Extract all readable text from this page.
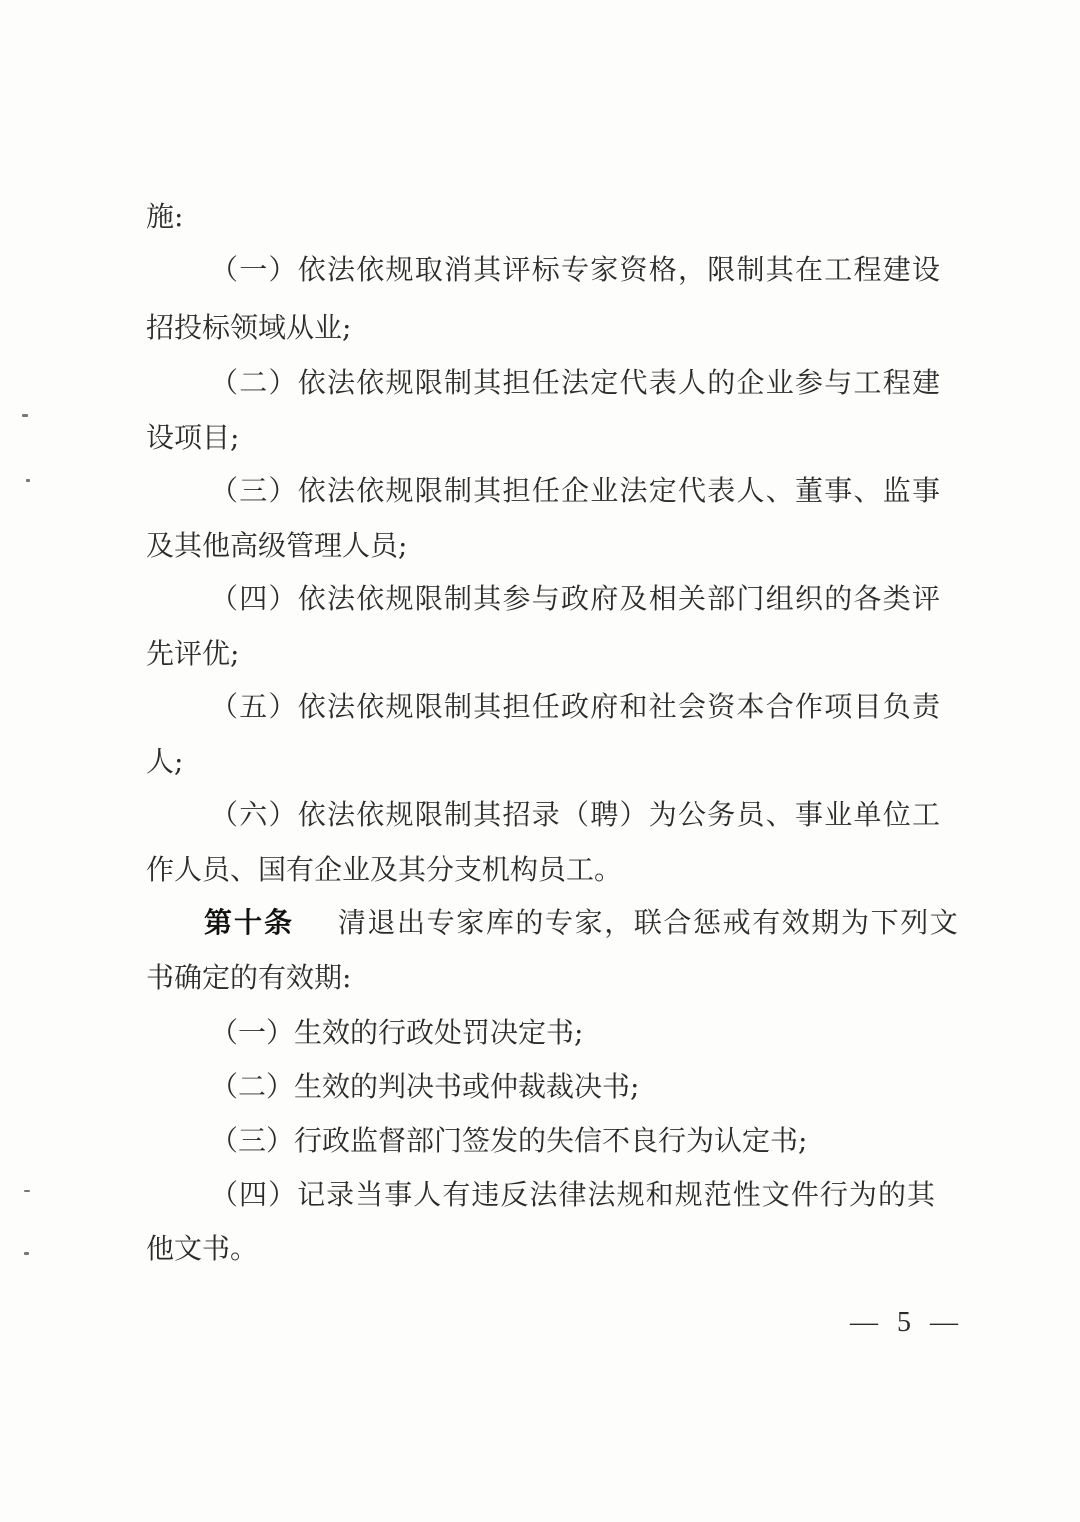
施:
（一）依法依规取消其评标专家资格，限制其在工程建设
招投标领域从业;
（二）依法依规限制其担任法定代表人的企业参与工程建
设项目;
（三）依法依规限制其担任企业法定代表人、董事、监事
及其他高级管理人员;
（四）依法依规限制其参与政府及相关部门组织的各类评
先评优;
（五）依法依规限制其担任政府和社会资本合作项目负责
人;
（六）依法依规限制其招录（聘）为公务员、事业单位工
作人员、国有企业及其分支机构员工。
第十条 清退出专家库的专家，联合惩戒有效期为下列文
书确定的有效期:
（一）生效的行政处罚决定书;
（二）生效的判决书或仲裁裁决书;
（三）行政监督部门签发的失信不良行为认定书;
（四）记录当事人有违反法律法规和规范性文件行为的其
他文书。
— 5 —
